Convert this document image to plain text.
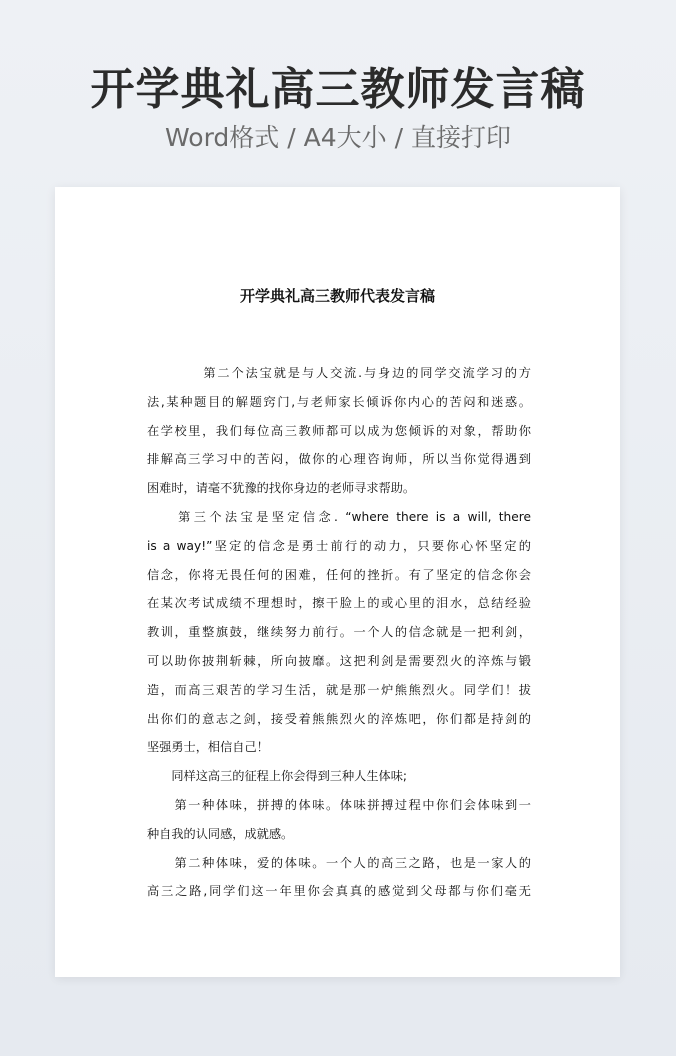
开学典礼高三教师发言稿
Word格式 / A4大小 / 直接打印
开学典礼高三教师代表发言稿
　　　　第二个法宝就是与人交流.与身边的同学交流学习的方
法,某种题目的解题窍门,与老师家长倾诉你内心的苦闷和迷惑。
在学校里，我们每位高三教师都可以成为您倾诉的对象，帮助你
排解高三学习中的苦闷，做你的心理咨询师，所以当你觉得遇到
困难时，请毫不犹豫的找你身边的老师寻求帮助。
　　第三个法宝是坚定信念. “where there is a will, there
is a way!”坚定的信念是勇士前行的动力，只要你心怀坚定的
信念，你将无畏任何的困难，任何的挫折。有了坚定的信念你会
在某次考试成绩不理想时，擦干脸上的或心里的泪水，总结经验
教训，重整旗鼓，继续努力前行。一个人的信念就是一把利剑，
可以助你披荆斩棘，所向披靡。这把利剑是需要烈火的淬炼与锻
造，而高三艰苦的学习生活，就是那一炉熊熊烈火。同学们！拔
出你们的意志之剑，接受着熊熊烈火的淬炼吧，你们都是持剑的
坚强勇士，相信自己！
　　同样这高三的征程上你会得到三种人生体味;
　　第一种体味，拼搏的体味。体味拼搏过程中你们会体味到一
种自我的认同感，成就感。
　　第二种体味，爱的体味。一个人的高三之路，也是一家人的
高三之路,同学们这一年里你会真真的感觉到父母都与你们毫无
